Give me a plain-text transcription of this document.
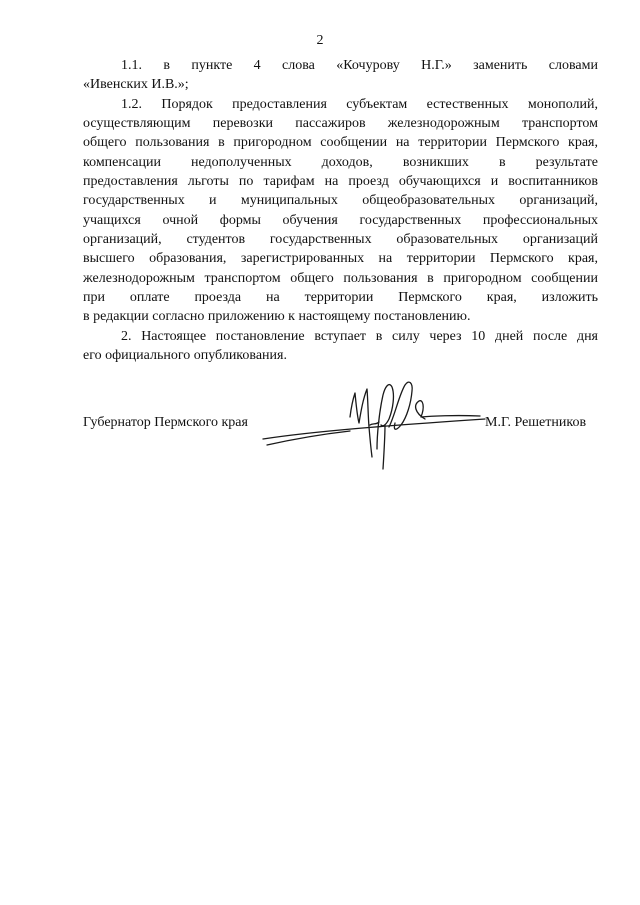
2
1.1. в пункте 4 слова «Кочурову Н.Г.» заменить словами
«Ивенских И.В.»;
1.2. Порядок предоставления субъектам естественных монополий,
осуществляющим перевозки пассажиров железнодорожным транспортом
общего пользования в пригородном сообщении на территории Пермского края,
компенсации недополученных доходов, возникших в результате
предоставления льготы по тарифам на проезд обучающихся и воспитанников
государственных и муниципальных общеобразовательных организаций,
учащихся очной формы обучения государственных профессиональных
организаций, студентов государственных образовательных организаций
высшего образования, зарегистрированных на территории Пермского края,
железнодорожным транспортом общего пользования в пригородном сообщении
при оплате проезда на территории Пермского края, изложить
в редакции согласно приложению к настоящему постановлению.
2. Настоящее постановление вступает в силу через 10 дней после дня
его официального опубликования.
Губернатор Пермского края	М.Г. Решетников
